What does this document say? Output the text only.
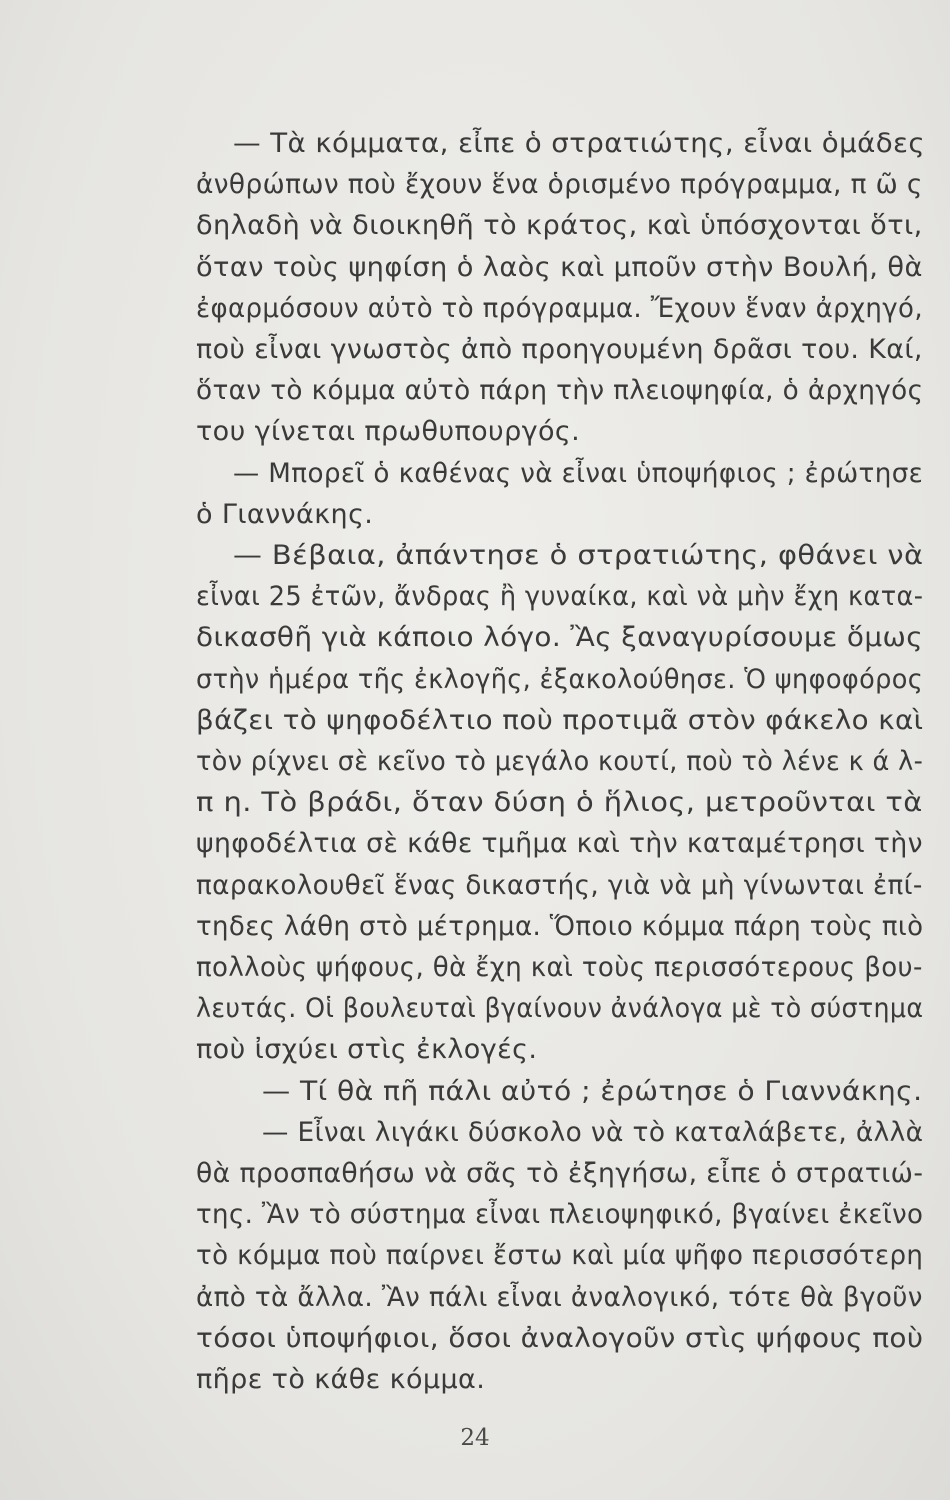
— Τὰ κόμματα, εἶπε ὁ στρατιώτης, εἶναι ὁμάδες
ἀνθρώπων ποὺ ἔχουν ἕνα ὁρισμένο πρόγραμμα, π ῶ ς
δηλαδὴ νὰ διοικηθῆ τὸ κράτος, καὶ ὑπόσχονται ὅτι,
ὅταν τοὺς ψηφίση ὁ λαὸς καὶ μποῦν στὴν Βουλή, θὰ
ἐφαρμόσουν αὐτὸ τὸ πρόγραμμα. Ἔχουν ἕναν ἀρχηγό,
ποὺ εἶναι γνωστὸς ἀπὸ προηγουμένη δρᾶσι του. Καί,
ὅταν τὸ κόμμα αὐτὸ πάρη τὴν πλειοψηφία, ὁ ἀρχηγός
του γίνεται πρωθυπουργός.
— Μπορεῖ ὁ καθένας νὰ εἶναι ὑποψήφιος ; ἐρώτησε
ὁ Γιαννάκης.
— Βέβαια, ἀπάντησε ὁ στρατιώτης, φθάνει νὰ
εἶναι 25 ἐτῶν, ἄνδρας ἢ γυναίκα, καὶ νὰ μὴν ἔχη κατα-
δικασθῆ γιὰ κάποιο λόγο. Ἂς ξαναγυρίσουμε ὅμως
στὴν ἡμέρα τῆς ἐκλογῆς, ἐξακολούθησε. Ὁ ψηφοφόρος
βάζει τὸ ψηφοδέλτιο ποὺ προτιμᾶ στὸν φάκελο καὶ
τὸν ρίχνει σὲ κεῖνο τὸ μεγάλο κουτί, ποὺ τὸ λένε κ ά λ-
π η. Τὸ βράδι, ὅταν δύση ὁ ἥλιος, μετροῦνται τὰ
ψηφοδέλτια σὲ κάθε τμῆμα καὶ τὴν καταμέτρησι τὴν
παρακολουθεῖ ἕνας δικαστής, γιὰ νὰ μὴ γίνωνται ἐπί-
τηδες λάθη στὸ μέτρημα. Ὅποιο κόμμα πάρη τοὺς πιὸ
πολλοὺς ψήφους, θὰ ἔχη καὶ τοὺς περισσότερους βου-
λευτάς. Οἱ βουλευταὶ βγαίνουν ἀνάλογα μὲ τὸ σύστημα
ποὺ ἰσχύει στὶς ἐκλογές.
— Τί θὰ πῆ πάλι αὐτό ; ἐρώτησε ὁ Γιαννάκης.
— Εἶναι λιγάκι δύσκολο νὰ τὸ καταλάβετε, ἀλλὰ
θὰ προσπαθήσω νὰ σᾶς τὸ ἐξηγήσω, εἶπε ὁ στρατιώ-
της. Ἂν τὸ σύστημα εἶναι πλειοψηφικό, βγαίνει ἐκεῖνο
τὸ κόμμα ποὺ παίρνει ἔστω καὶ μία ψῆφο περισσότερη
ἀπὸ τὰ ἄλλα. Ἂν πάλι εἶναι ἀναλογικό, τότε θὰ βγοῦν
τόσοι ὑποψήφιοι, ὅσοι ἀναλογοῦν στὶς ψήφους ποὺ
πῆρε τὸ κάθε κόμμα.
24
